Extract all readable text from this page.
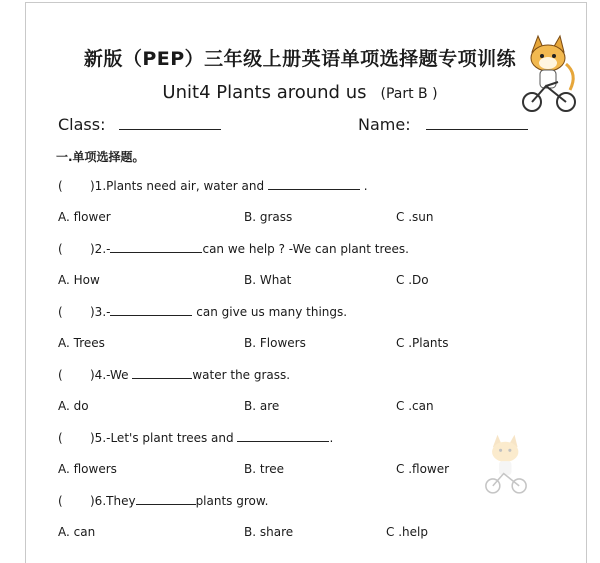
新版（PEP）三年级上册英语单项选择题专项训练
Unit4 Plants around us (Part B )
Class:	Name:
一.单项选择题。
( )1.Plants need air, water and	.
A. flower	B. grass	C .sun
( )2.-	can we help ? -We can plant trees.
A. How	B. What	C .Do
( )3.-	can give us many things.
A. Trees	B. Flowers	C .Plants
( )4.-We	water the grass.
A. do	B. are	C .can
( )5.-Let's plant trees and	.
A. flowers	B. tree	C .flower
( )6.They	plants grow.
A. can	B. share	C .help
